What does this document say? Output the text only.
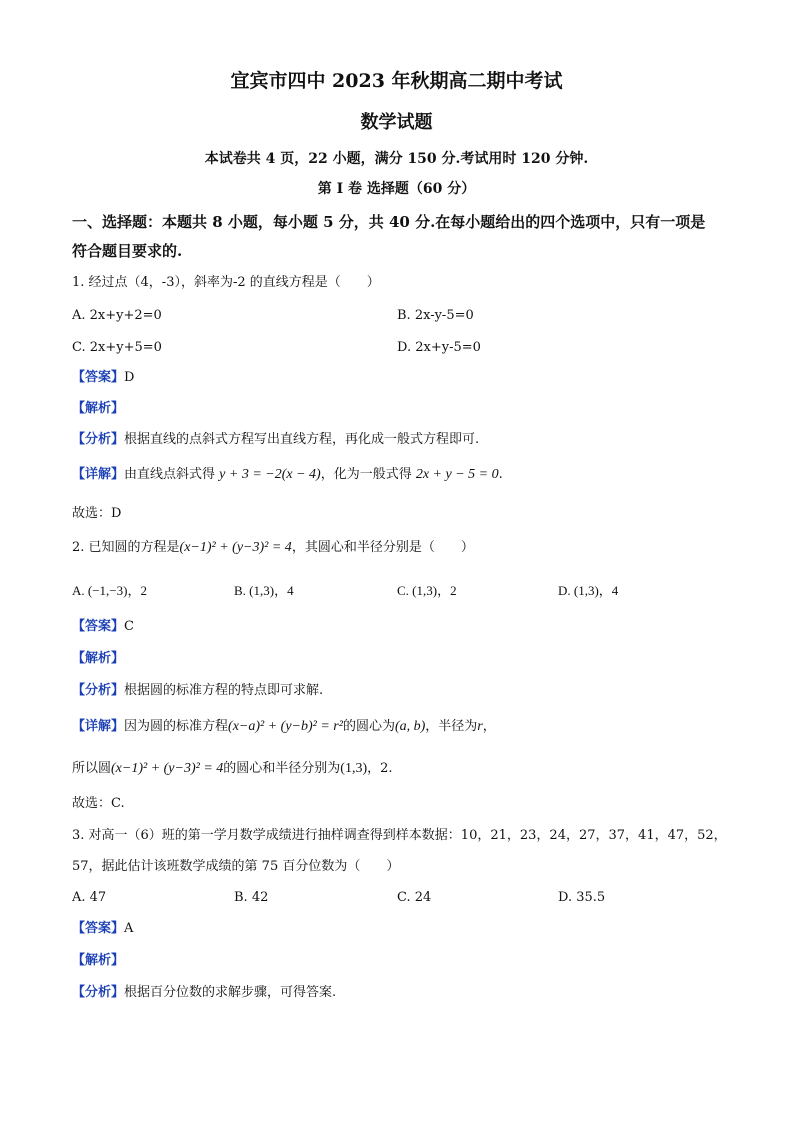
宜宾市四中 2023 年秋期高二期中考试
数学试题
本试卷共 4 页，22 小题，满分 150 分.考试用时 120 分钟.
第 I 卷 选择题（60 分）
一、选择题：本题共 8 小题，每小题 5 分，共 40 分.在每小题给出的四个选项中，只有一项是
符合题目要求的.
1. 经过点（4，-3），斜率为-2 的直线方程是（　　）
A. 2x+y+2=0	B. 2x-y-5=0
C. 2x+y+5=0	D. 2x+y-5=0
【答案】D
【解析】
【分析】根据直线的点斜式方程写出直线方程，再化成一般式方程即可.
【详解】由直线点斜式得 y + 3 = −2(x − 4)，化为一般式得 2x + y − 5 = 0.
故选：D
2. 已知圆的方程是(x−1)² + (y−3)² = 4，其圆心和半径分别是（　　）
A. (−1,−3)，2	B. (1,3)，4	C. (1,3)，2	D. (1,3)，4
【答案】C
【解析】
【分析】根据圆的标准方程的特点即可求解.
【详解】因为圆的标准方程(x−a)² + (y−b)² = r²的圆心为(a, b)，半径为r，
所以圆(x−1)² + (y−3)² = 4的圆心和半径分别为(1,3)，2.
故选：C.
3. 对高一（6）班的第一学月数学成绩进行抽样调查得到样本数据：10，21，23，24，27，37，41，47，52，
57，据此估计该班数学成绩的第 75 百分位数为（　　）
A. 47	B. 42	C. 24	D. 35.5
【答案】A
【解析】
【分析】根据百分位数的求解步骤，可得答案.
